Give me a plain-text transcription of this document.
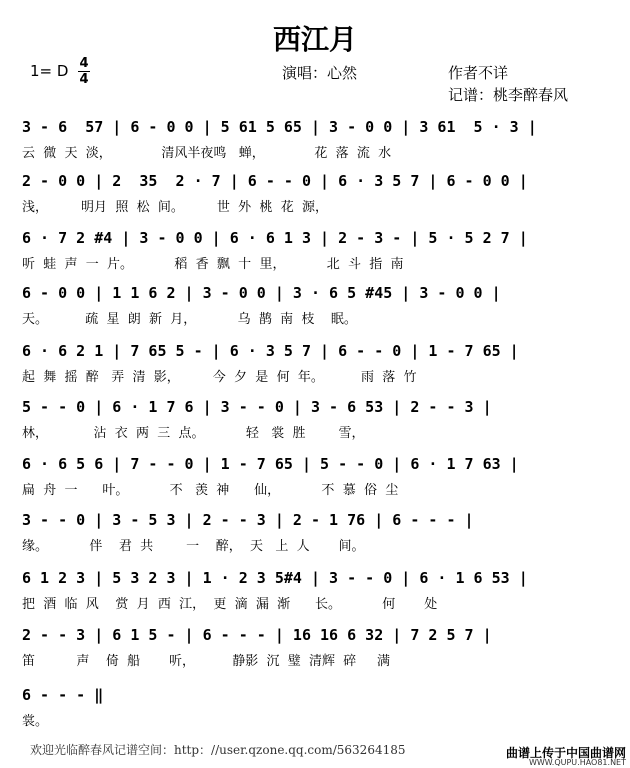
西江月
1= D 4
4	演唱：心然	作者不详
记谱：桃李醉春风
3 - 6  57 | 6 - 0 0 | 5 61 5 65 | 3 - 0 0 | 3 61  5 · 3 |
云  微  天  淡，            清风半夜鸣   蝉，            花  落  流  水
2 - 0 0 | 2  35  2 · 7 | 6 - - 0 | 6 · 3 5 7 | 6 - 0 0 |
浅，        明月  照  松  间。        世  外  桃  花  源，
6 · 7 2 #4 | 3 - 0 0 | 6 · 6 1 3 | 2 - 3 - | 5 · 5 2 7 |
听  蛙  声  一  片。          稻  香  飘  十  里，          北  斗  指  南
6 - 0 0 | 1 1 6 2 | 3 - 0 0 | 3 · 6 5 #45 | 3 - 0 0 |
天。         疏  星  朗  新  月，          乌  鹊  南  枝    眠。
6 · 6 2 1 | 7 65 5 - | 6 · 3 5 7 | 6 - - 0 | 1 - 7 65 |
起  舞  摇  醉   弄  清  影，        今  夕  是  何  年。         雨  落  竹
5 - - 0 | 6 · 1 7 6 | 3 - - 0 | 3 - 6 53 | 2 - - 3 |
林，           沾  衣  两  三  点。          轻   裳  胜        雪，
6 · 6 5 6 | 7 - - 0 | 1 - 7 65 | 5 - - 0 | 6 · 1 7 63 |
扁  舟  一      叶。          不   羡  神      仙，          不  慕  俗  尘
3 - - 0 | 3 - 5 3 | 2 - - 3 | 2 - 1 76 | 6 - - - |
缘。          伴    君  共        一    醉，  天   上  人       间。
6 1 2 3 | 5 3 2 3 | 1 · 2 3 5#4 | 3 - - 0 | 6 · 1 6 53 |
把  酒  临  风    赏  月  西  江，  更  滴  漏  渐      长。          何       处
2 - - 3 | 6 1 5 - | 6 - - - | 16 16 6 32 | 7 2 5 7 |
笛          声    倚  船       听，         静影  沉  璧  清辉  碎     满
6 - - - ‖
裳。
欢迎光临醉春风记谱空间：http：//user.qzone.qq.com/563264185	曲谱上传于中国曲谱网
WWW.QUPU.HAO81.NET
